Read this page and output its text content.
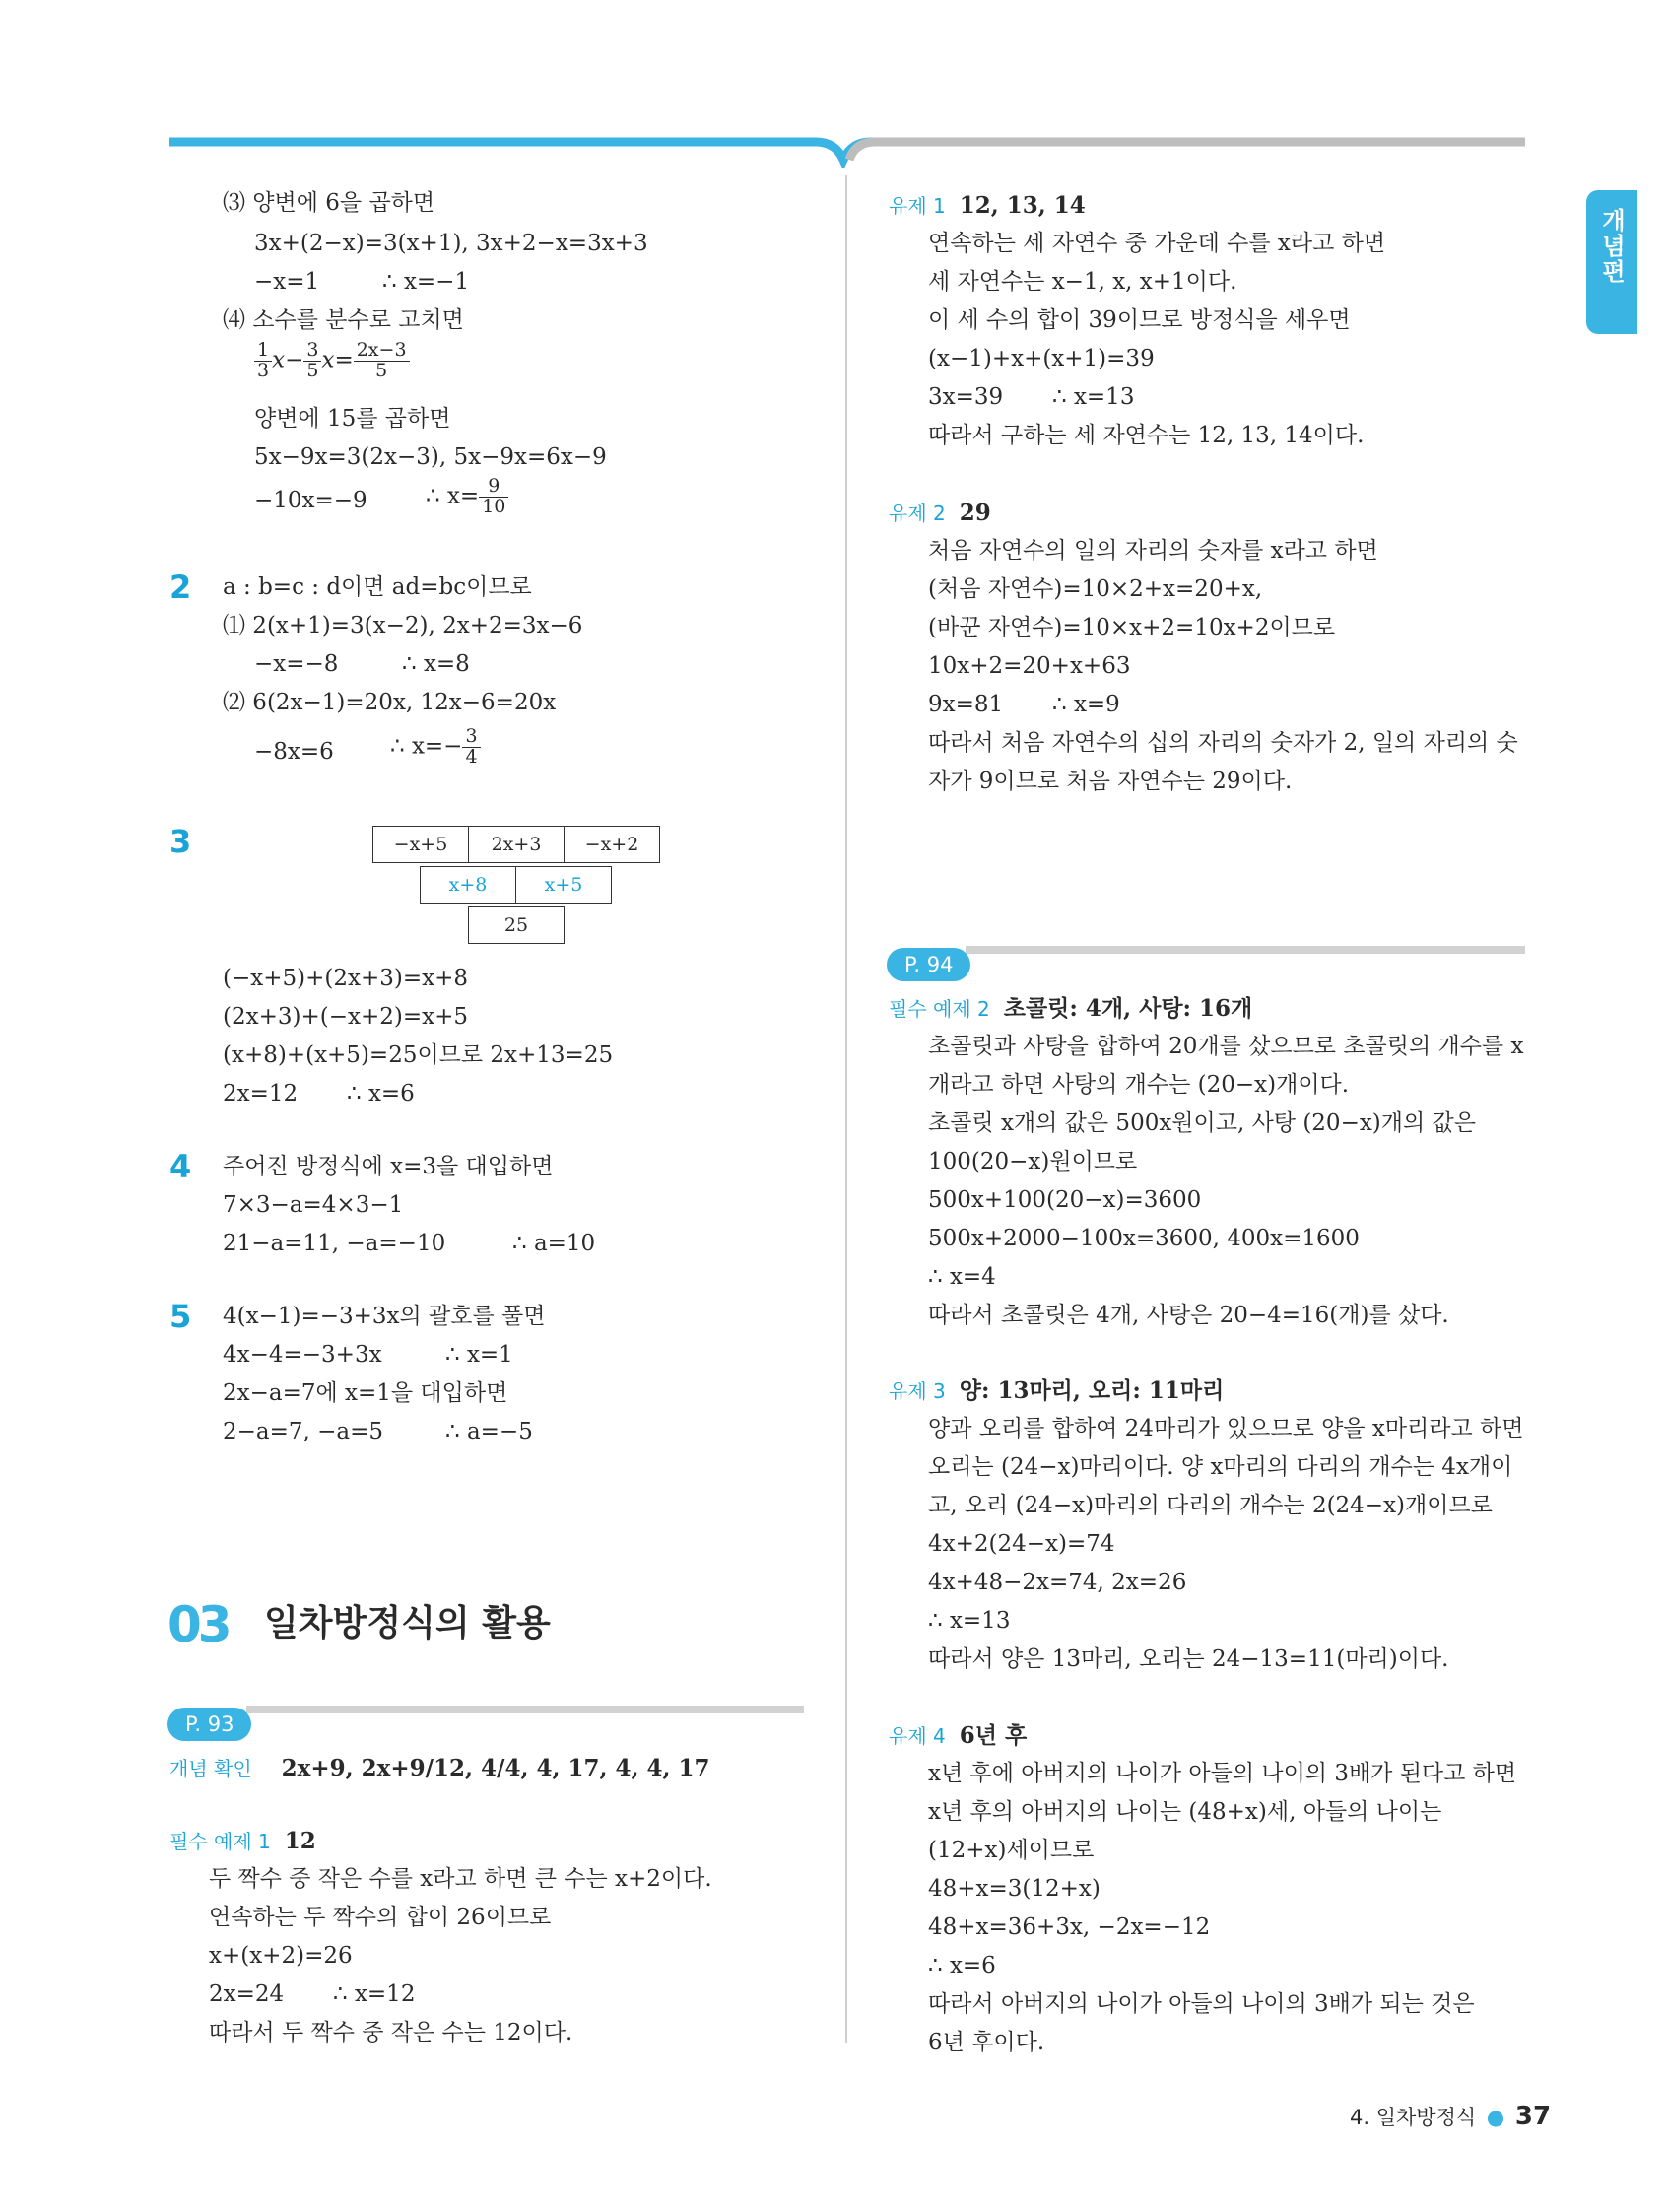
개념편
⑶ 양변에 6을 곱하면
3x+(2−x)=3(x+1), 3x+2−x=3x+3
−x=1	∴ x=−1
⑷ 소수를 분수로 고치면
$\frac{1}{3} x- \frac{3}{5} x= \frac{2x-3}{5}$
양변에 15를 곱하면
5x−9x=3(2x−3), 5x−9x=6x−9
−10x=−9	∴ $x= \frac{9}{10}$
2 a : b=c : d이면 ad=bc이므로
⑴ 2(x+1)=3(x−2), 2x+2=3x−6
−x=−8	∴ x=8
⑵ 6(2x−1)=20x, 12x−6=20x
−8x=6 ∴ $x=- \frac{3}{4}$
3	−x+5	2x+3	−x+2
x+8	x+5
25
(−x+5)+(2x+3)=x+8
(2x+3)+(−x+2)=x+5
(x+8)+(x+5)=25이므로 2x+13=25
2x=12 ∴ x=6
4 주어진 방정식에 x=3을 대입하면
7×3−a=4×3−1
21−a=11, −a=−10	∴ a=10
5 4(x−1)=−3+3x의 괄호를 풀면
4x−4=−3+3x	∴ x=1
2x−a=7에 x=1을 대입하면
2−a=7, −a=5	∴ a=−5
03 일차방정식의 활용
P. 93
개념 확인 2x+9, 2x+9/12, 4/4, 4, 17, 4, 4, 17
필수 예제 1 12
두 짝수 중 작은 수를 x라고 하면 큰 수는 x+2이다.
연속하는 두 짝수의 합이 26이므로
x+(x+2)=26
2x=24 ∴ x=12
따라서 두 짝수 중 작은 수는 12이다.
유제 1 12, 13, 14
연속하는 세 자연수 중 가운데 수를 x라고 하면
세 자연수는 x−1, x, x+1이다.
이 세 수의 합이 39이므로 방정식을 세우면
(x−1)+x+(x+1)=39
3x=39 ∴ x=13
따라서 구하는 세 자연수는 12, 13, 14이다.
유제 2 29
처음 자연수의 일의 자리의 숫자를 x라고 하면
(처음 자연수)=10×2+x=20+x,
(바꾼 자연수)=10×x+2=10x+2이므로
10x+2=20+x+63
9x=81 ∴ x=9
따라서 처음 자연수의 십의 자리의 숫자가 2, 일의 자리의 숫
자가 9이므로 처음 자연수는 29이다.
P. 94
필수 예제 2 초콜릿: 4개, 사탕: 16개
초콜릿과 사탕을 합하여 20개를 샀으므로 초콜릿의 개수를 x
개라고 하면 사탕의 개수는 (20−x)개이다.
초콜릿 x개의 값은 500x원이고, 사탕 (20−x)개의 값은
100(20−x)원이므로
500x+100(20−x)=3600
500x+2000−100x=3600, 400x=1600
∴ x=4
따라서 초콜릿은 4개, 사탕은 20−4=16(개)를 샀다.
유제 3 양: 13마리, 오리: 11마리
양과 오리를 합하여 24마리가 있으므로 양을 x마리라고 하면
오리는 (24−x)마리이다. 양 x마리의 다리의 개수는 4x개이
고, 오리 (24−x)마리의 다리의 개수는 2(24−x)개이므로
4x+2(24−x)=74
4x+48−2x=74, 2x=26
∴ x=13
따라서 양은 13마리, 오리는 24−13=11(마리)이다.
유제 4 6년 후
x년 후에 아버지의 나이가 아들의 나이의 3배가 된다고 하면
x년 후의 아버지의 나이는 (48+x)세, 아들의 나이는
(12+x)세이므로
48+x=3(12+x)
48+x=36+3x, −2x=−12
∴ x=6
따라서 아버지의 나이가 아들의 나이의 3배가 되는 것은
6년 후이다.
4. 일차방정식 ● 37
